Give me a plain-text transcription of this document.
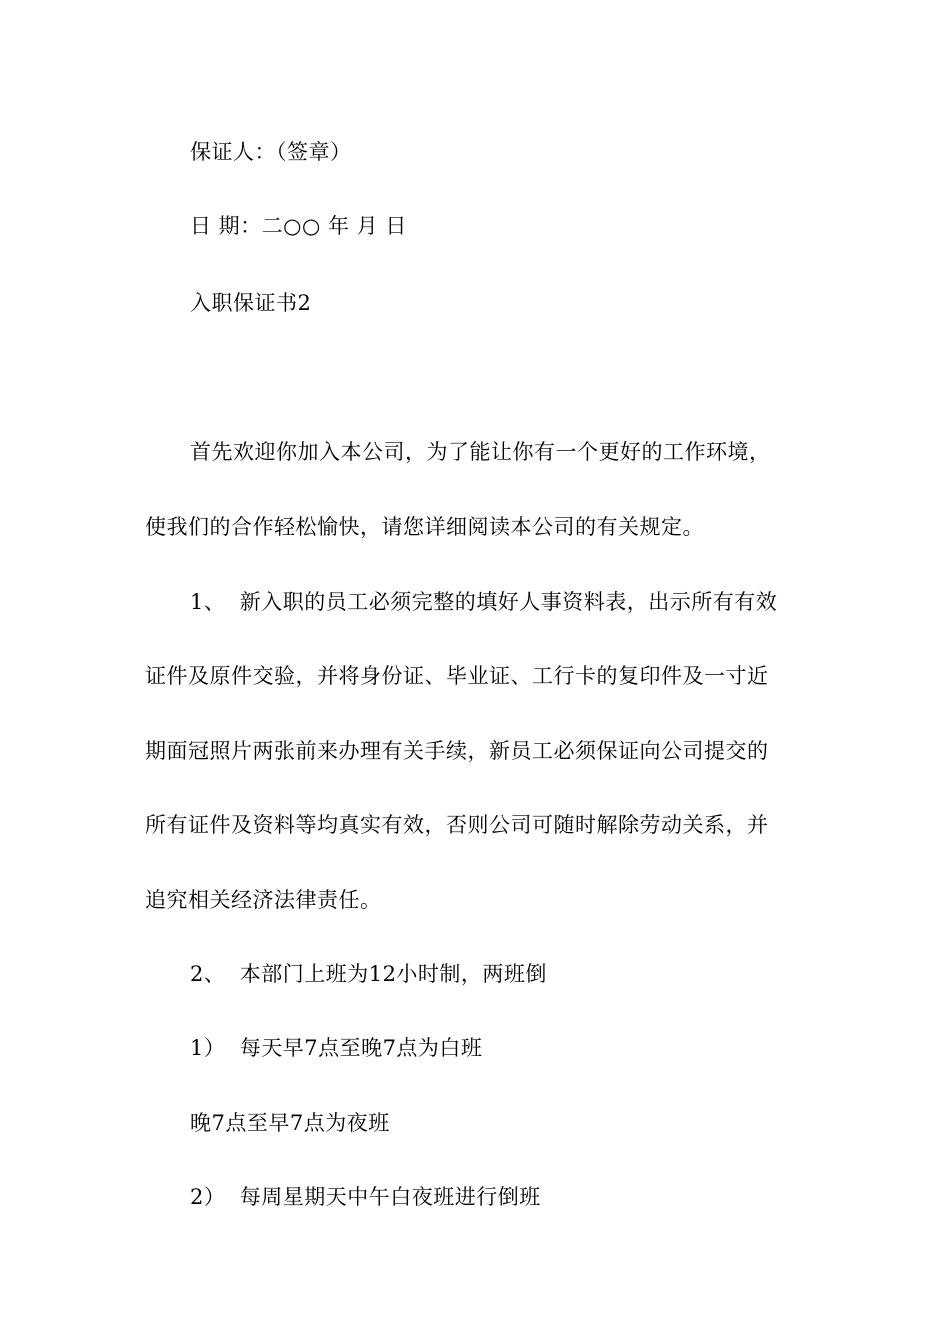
保证人：（签章）
日 期：二○○ 年 月 日
入职保证书2
首先欢迎你加入本公司，为了能让你有一个更好的工作环境，
使我们的合作轻松愉快，请您详细阅读本公司的有关规定。
1、  新入职的员工必须完整的填好人事资料表，出示所有有效
证件及原件交验，并将身份证、毕业证、工行卡的复印件及一寸近
期面冠照片两张前来办理有关手续，新员工必须保证向公司提交的
所有证件及资料等均真实有效，否则公司可随时解除劳动关系，并
追究相关经济法律责任。
2、  本部门上班为12小时制，两班倒
1）  每天早7点至晚7点为白班
晚7点至早7点为夜班
2）  每周星期天中午白夜班进行倒班
